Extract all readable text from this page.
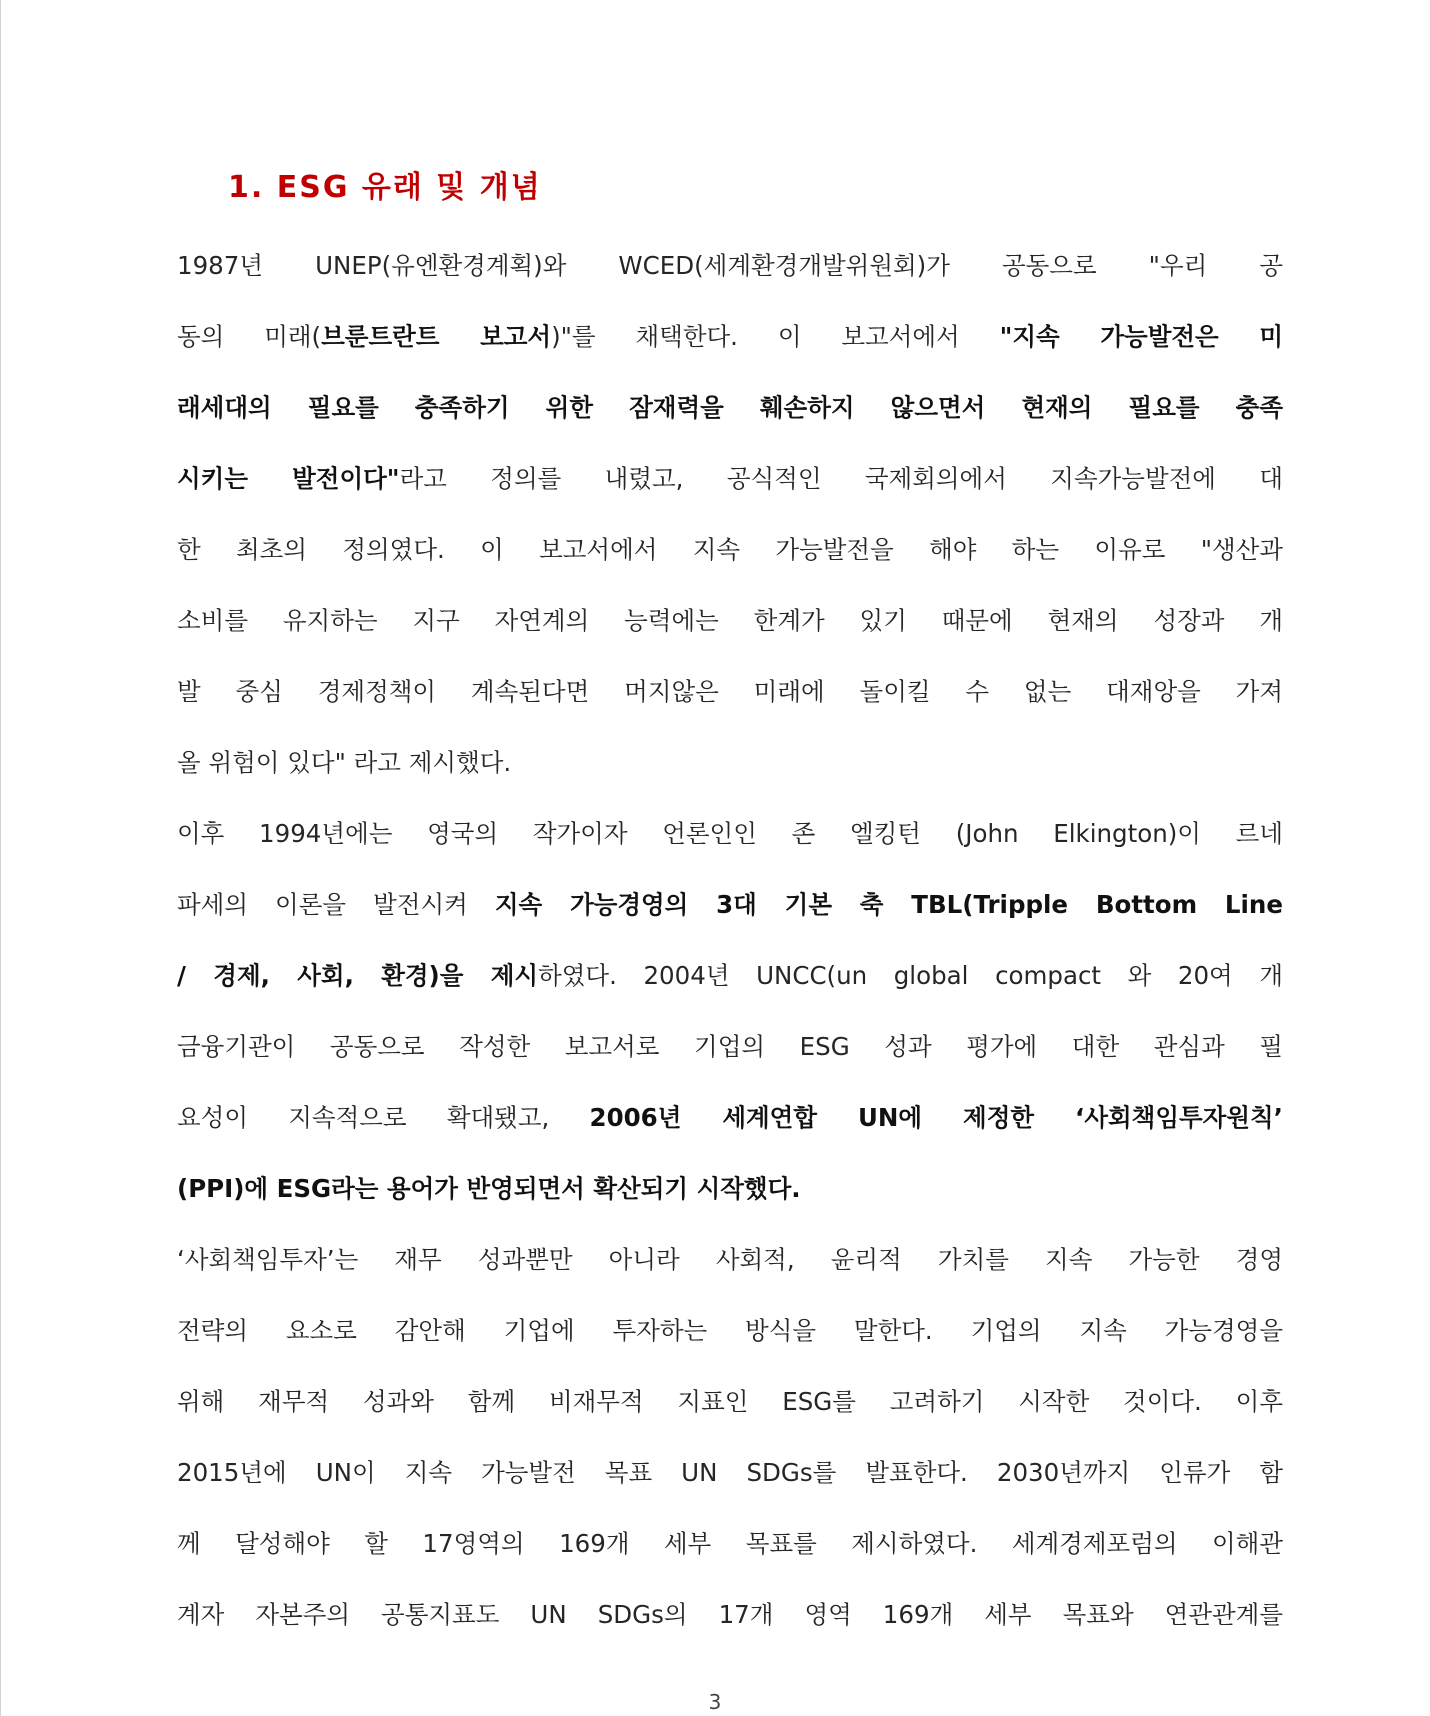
1. ESG 유래 및 개념
1987년 UNEP(유엔환경계획)와 WCED(세계환경개발위원회)가 공동으로 "우리 공
동의 미래(브룬트란트 보고서)"를 채택한다. 이 보고서에서 "지속 가능발전은 미
래세대의 필요를 충족하기 위한 잠재력을 훼손하지 않으면서 현재의 필요를 충족
시키는 발전이다"라고 정의를 내렸고, 공식적인 국제회의에서 지속가능발전에 대
한 최초의 정의였다. 이 보고서에서 지속 가능발전을 해야 하는 이유로 "생산과
소비를 유지하는 지구 자연계의 능력에는 한계가 있기 때문에 현재의 성장과 개
발 중심 경제정책이 계속된다면 머지않은 미래에 돌이킬 수 없는 대재앙을 가져
올 위험이 있다" 라고 제시했다.
이후 1994년에는 영국의 작가이자 언론인인 존 엘킹턴 (John Elkington)이 르네
파세의 이론을 발전시켜 지속 가능경영의 3대 기본 축 TBL(Tripple Bottom Line
/ 경제, 사회, 환경)을 제시하였다. 2004년 UNCC(un global compact 와 20여 개
금융기관이 공동으로 작성한 보고서로 기업의 ESG 성과 평가에 대한 관심과 필
요성이 지속적으로 확대됐고, 2006년 세계연합 UN에 제정한 ‘사회책임투자원칙’
(PPI)에 ESG라는 용어가 반영되면서 확산되기 시작했다.
‘사회책임투자’는 재무 성과뿐만 아니라 사회적, 윤리적 가치를 지속 가능한 경영
전략의 요소로 감안해 기업에 투자하는 방식을 말한다. 기업의 지속 가능경영을
위해 재무적 성과와 함께 비재무적 지표인 ESG를 고려하기 시작한 것이다. 이후
2015년에 UN이 지속 가능발전 목표 UN SDGs를 발표한다. 2030년까지 인류가 함
께 달성해야 할 17영역의 169개 세부 목표를 제시하였다. 세계경제포럼의 이해관
계자 자본주의 공통지표도 UN SDGs의 17개 영역 169개 세부 목표와 연관관계를
3
